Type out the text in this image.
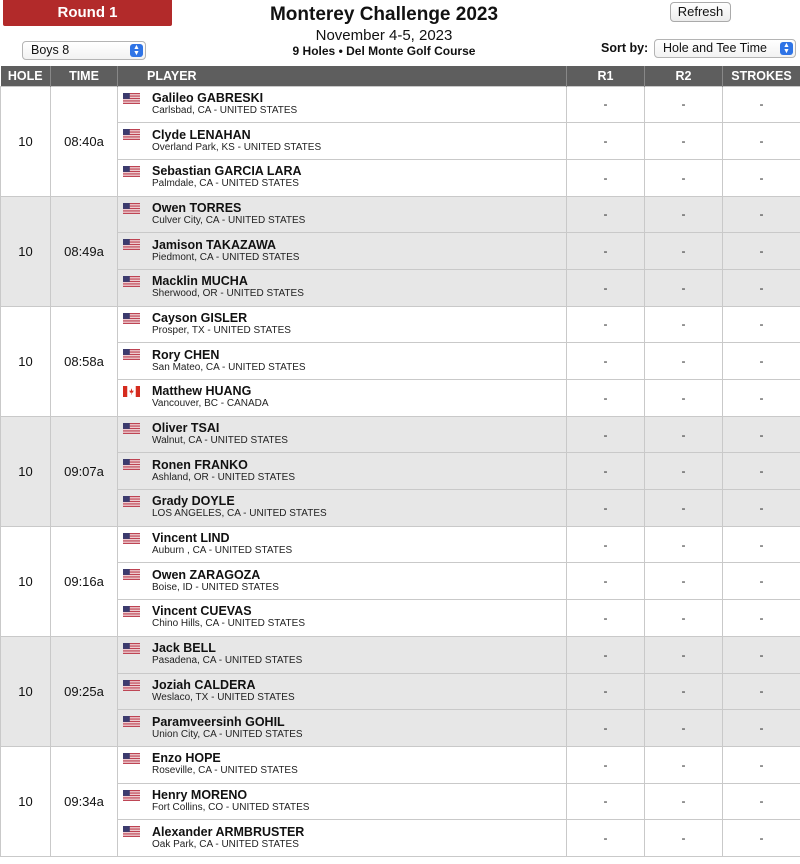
Round 1	Monterey Challenge 2023
November 4-5, 2023
9 Holes • Del Monte Golf Course
Refresh
Boys 8	▲
▼	Sort by:	Hole and Tee Time	▲
▼
HOLE	TIME	PLAYER	R1	R2	STROKES
10	08:40a	Galileo GABRESKI
Carlsbad, CA - UNITED STATES	-	-	-

		Clyde LENAHAN
Overland Park, KS - UNITED STATES	-	-	-

		Sebastian GARCIA LARA
Palmdale, CA - UNITED STATES	-	-	-
10	08:49a	Owen TORRES
Culver City, CA - UNITED STATES	-	-	-

		Jamison TAKAZAWA
Piedmont, CA - UNITED STATES	-	-	-

		Macklin MUCHA
Sherwood, OR - UNITED STATES	-	-	-
10	08:58a	Cayson GISLER
Prosper, TX - UNITED STATES	-	-	-

		Rory CHEN
San Mateo, CA - UNITED STATES	-	-	-

		Matthew HUANG
Vancouver, BC - CANADA	-	-	-
10	09:07a	Oliver TSAI
Walnut, CA - UNITED STATES	-	-	-

		Ronen FRANKO
Ashland, OR - UNITED STATES	-	-	-

		Grady DOYLE
LOS ANGELES, CA - UNITED STATES	-	-	-
10	09:16a	Vincent LIND
Auburn , CA - UNITED STATES	-	-	-

		Owen ZARAGOZA
Boise, ID - UNITED STATES	-	-	-

		Vincent CUEVAS
Chino Hills, CA - UNITED STATES	-	-	-
10	09:25a	Jack BELL
Pasadena, CA - UNITED STATES	-	-	-

		Joziah CALDERA
Weslaco, TX - UNITED STATES	-	-	-

		Paramveersinh GOHIL
Union City, CA - UNITED STATES	-	-	-
10	09:34a	Enzo HOPE
Roseville, CA - UNITED STATES	-	-	-

		Henry MORENO
Fort Collins, CO - UNITED STATES	-	-	-

		Alexander ARMBRUSTER
Oak Park, CA - UNITED STATES	-	-	-
